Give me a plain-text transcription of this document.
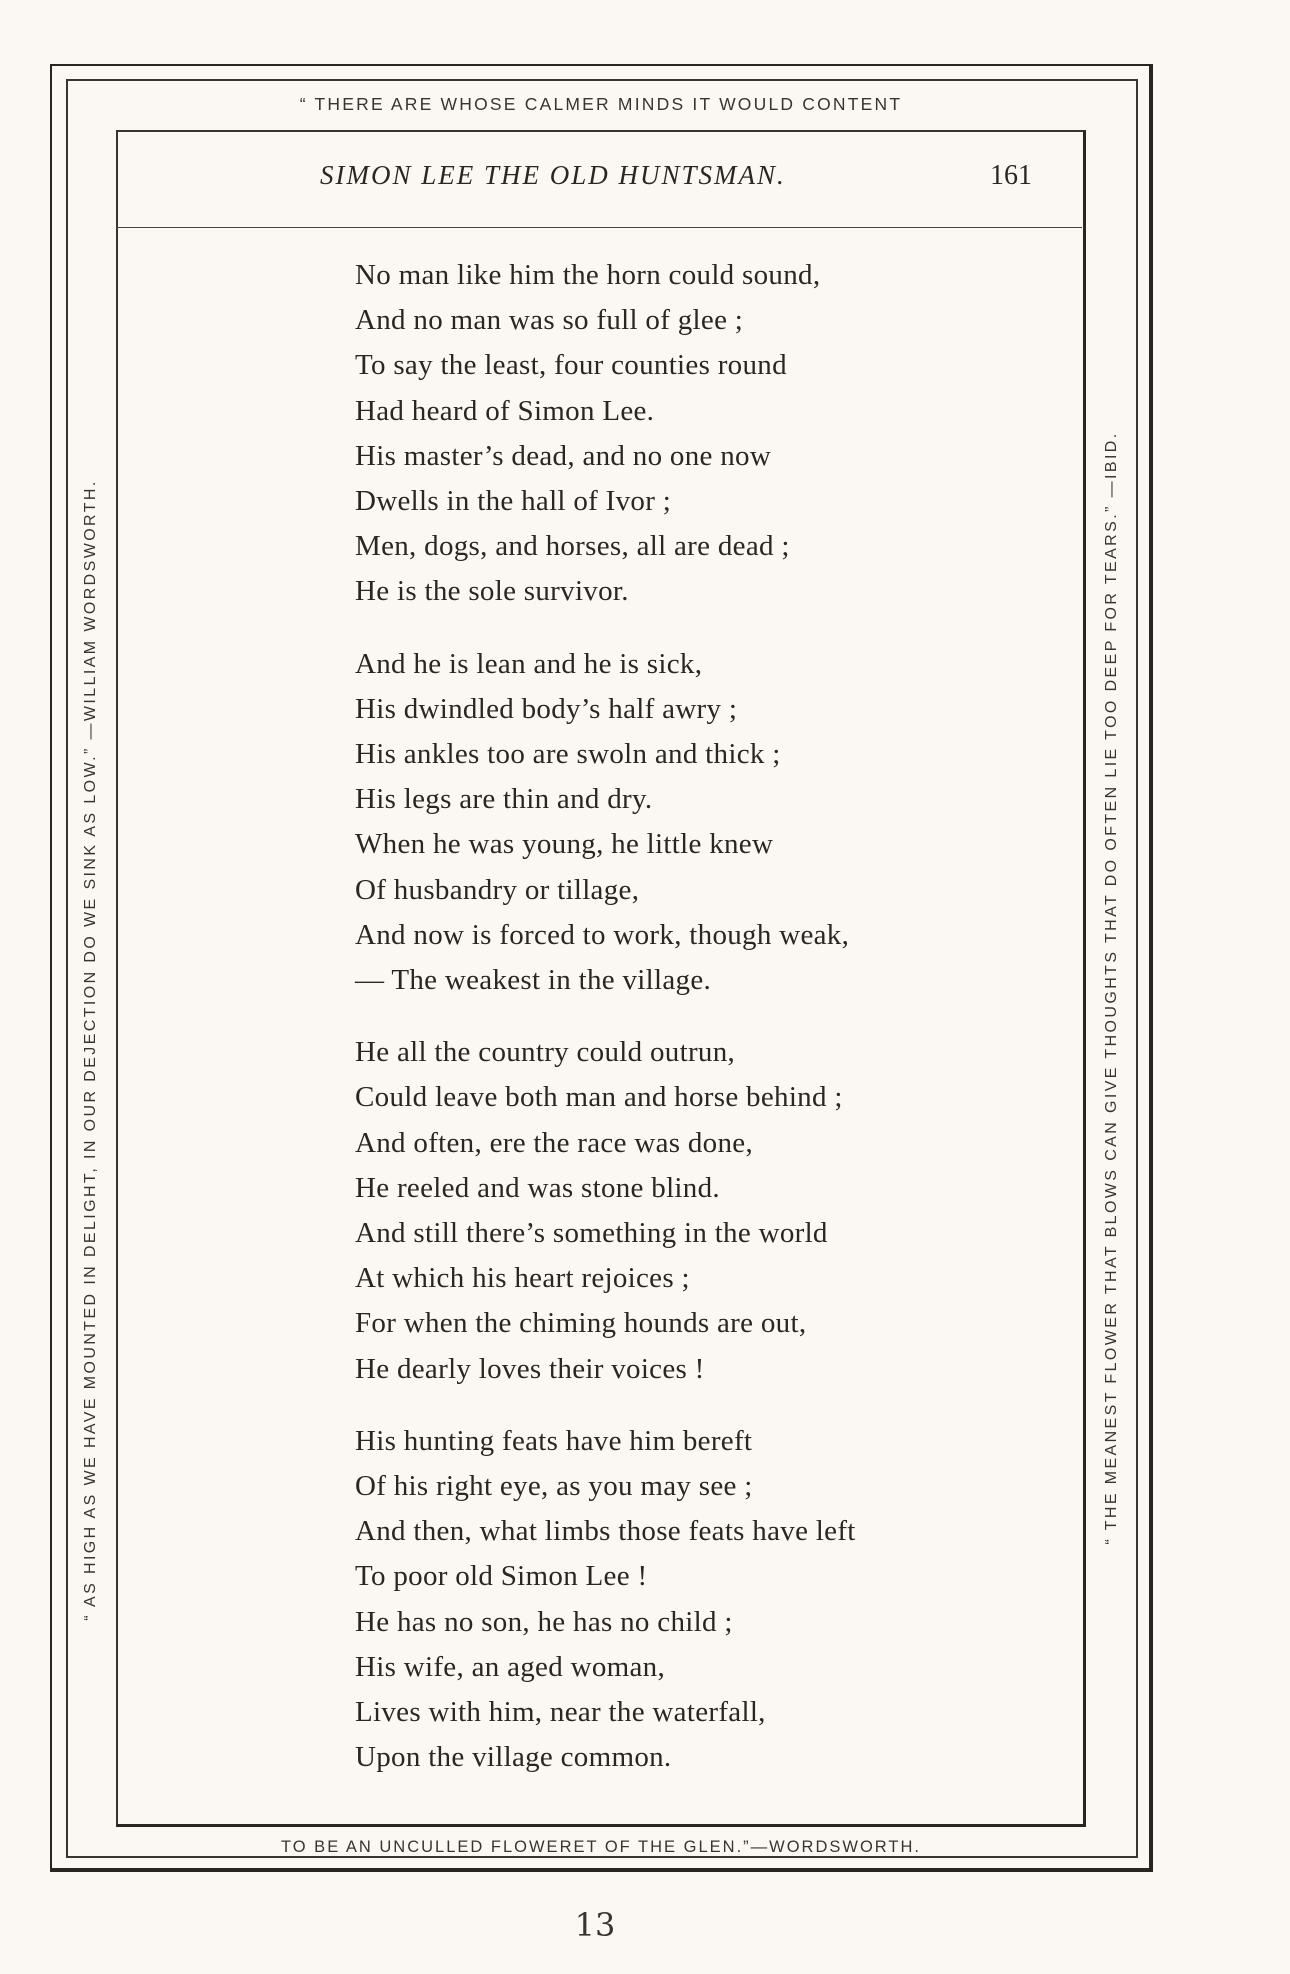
“ THERE ARE WHOSE CALMER MINDS IT WOULD CONTENT
“ AS HIGH AS WE HAVE MOUNTED IN DELIGHT, IN OUR DEJECTION DO WE SINK AS LOW.” —WILLIAM WORDSWORTH.	“ THE MEANEST FLOWER THAT BLOWS CAN GIVE THOUGHTS THAT DO OFTEN LIE TOO DEEP FOR TEARS.” —IBID.
TO BE AN UNCULLED FLOWERET OF THE GLEN.”—WORDSWORTH.
SIMON LEE THE OLD HUNTSMAN.	161
No man like him the horn could sound,
And no man was so full of glee ;
To say the least, four counties round
Had heard of Simon Lee.
His master’s dead, and no one now
Dwells in the hall of Ivor ;
Men, dogs, and horses, all are dead ;
He is the sole survivor.
And he is lean and he is sick,
His dwindled body’s half awry ;
His ankles too are swoln and thick ;
His legs are thin and dry.
When he was young, he little knew
Of husbandry or tillage,
And now is forced to work, though weak,
— The weakest in the village.
He all the country could outrun,
Could leave both man and horse behind ;
And often, ere the race was done,
He reeled and was stone blind.
And still there’s something in the world
At which his heart rejoices ;
For when the chiming hounds are out,
He dearly loves their voices !
His hunting feats have him bereft
Of his right eye, as you may see ;
And then, what limbs those feats have left
To poor old Simon Lee !
He has no son, he has no child ;
His wife, an aged woman,
Lives with him, near the waterfall,
Upon the village common.
13
